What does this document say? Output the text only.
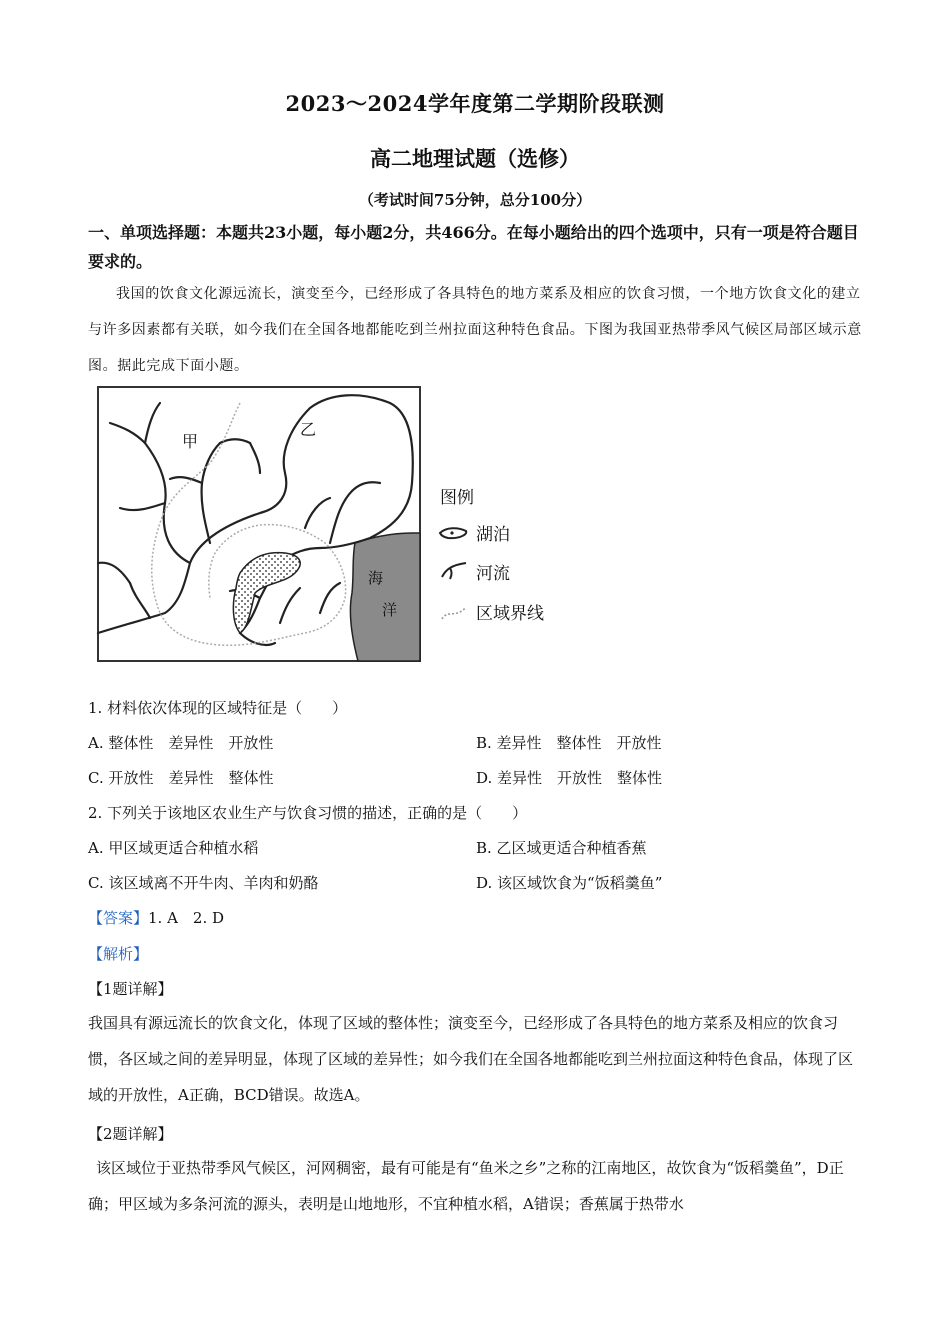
2023～2024学年度第二学期阶段联测
高二地理试题（选修）
（考试时间75分钟，总分100分）
一、单项选择题：本题共23小题，每小题2分，共466分。在每小题给出的四个选项中，只有一项是符合题目要求的。
我国的饮食文化源远流长，演变至今，已经形成了各具特色的地方菜系及相应的饮食习惯，一个地方饮食文化的建立与许多因素都有关联，如今我们在全国各地都能吃到兰州拉面这种特色食品。下图为我国亚热带季风气候区局部区域示意图。据此完成下面小题。
海
洋
甲
乙
图例
湖泊
河流
区域界线
1. 材料依次体现的区域特征是（　　）
A. 整体性　差异性　开放性	B. 差异性　整体性　开放性
C. 开放性　差异性　整体性	D. 差异性　开放性　整体性
2. 下列关于该地区农业生产与饮食习惯的描述，正确的是（　　）
A. 甲区域更适合种植水稻	B. 乙区域更适合种植香蕉
C. 该区域离不开牛肉、羊肉和奶酪	D. 该区域饮食为“饭稻羹鱼”
【答案】1. A　2. D
【解析】
【1题详解】
我国具有源远流长的饮食文化，体现了区域的整体性；演变至今，已经形成了各具特色的地方菜系及相应的饮食习惯，各区域之间的差异明显，体现了区域的差异性；如今我们在全国各地都能吃到兰州拉面这种特色食品，体现了区域的开放性，A正确，BCD错误。故选A。
【2题详解】
该区域位于亚热带季风气候区，河网稠密，最有可能是有“鱼米之乡”之称的江南地区，故饮食为“饭稻羹鱼”，D正确；甲区域为多条河流的源头，表明是山地地形，不宜种植水稻，A错误；香蕉属于热带水
